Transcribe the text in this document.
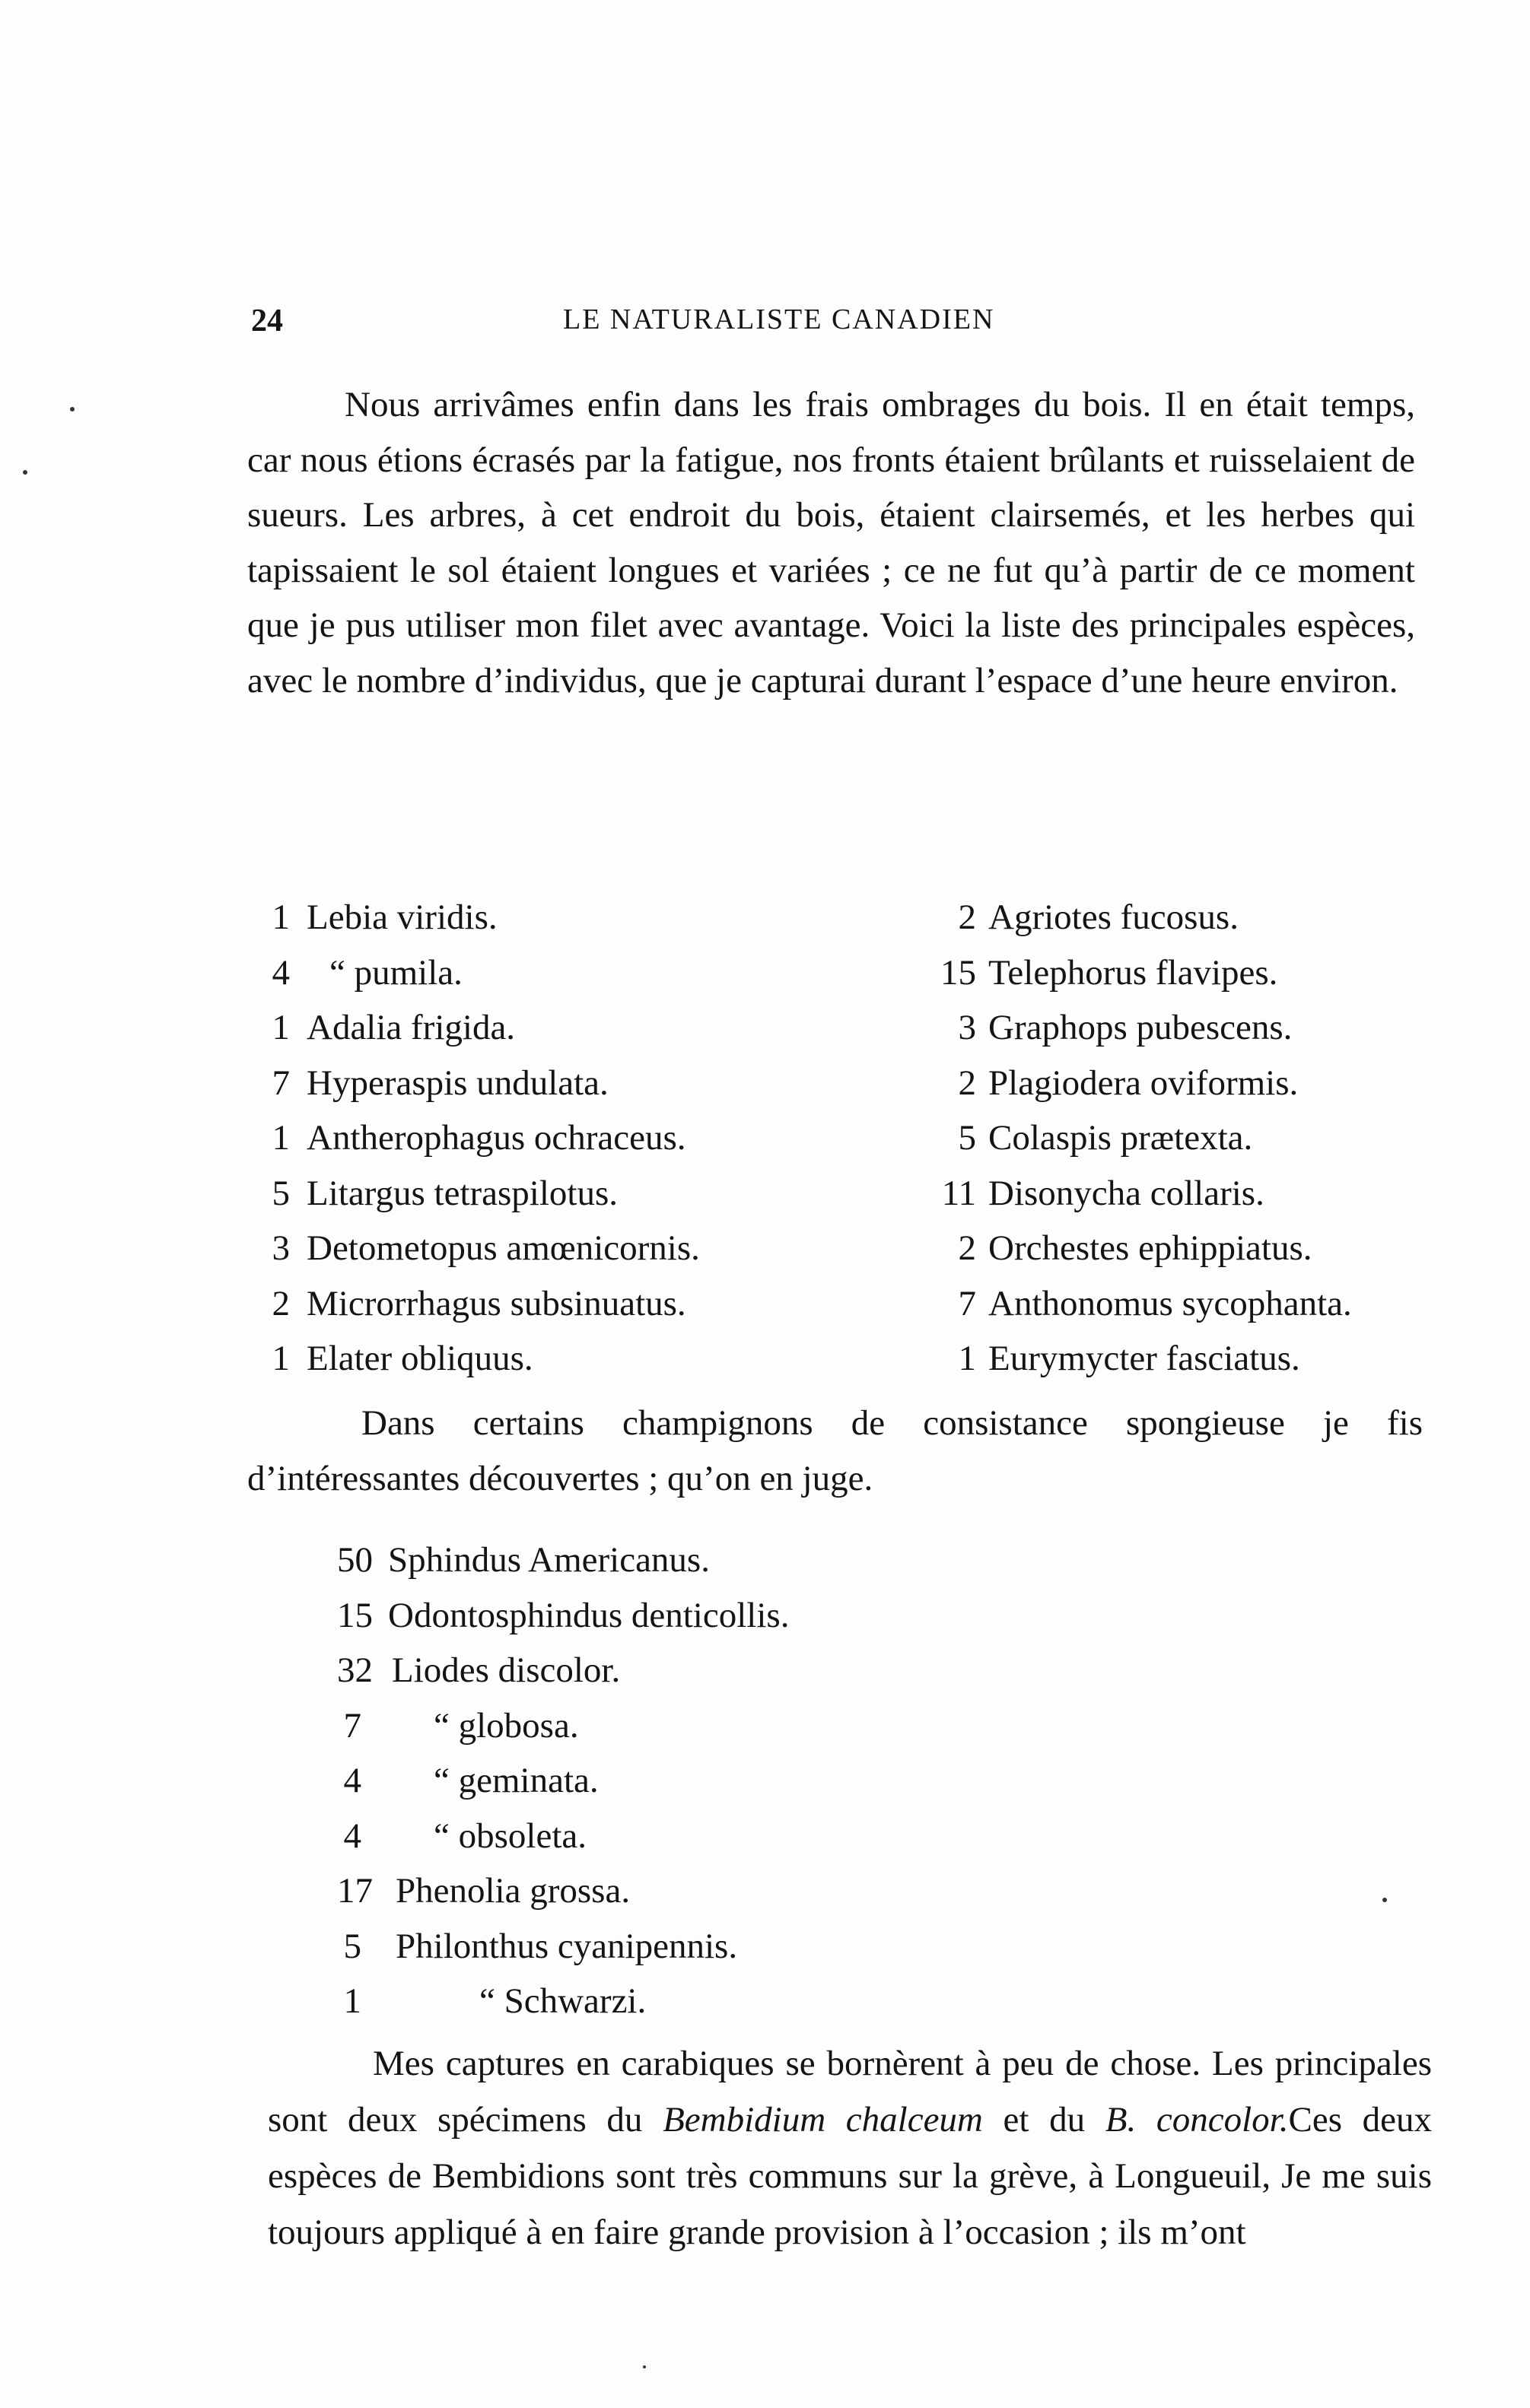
24	LE NATURALISTE CANADIEN

Nous arrivâmes enfin dans les frais ombrages du bois. Il en était temps, car nous étions écrasés par la fatigue, nos fronts étaient brûlants et ruisselaient de sueurs. Les arbres, à cet endroit du bois, étaient clairsemés, et les herbes qui tapissaient le sol étaient longues et variées ; ce ne fut qu’à partir de ce moment que je pus utiliser mon filet avec avantage. Voici la liste des principales espèces, avec le nombre d’individus, que je capturai durant l’espace d’une heure environ.

1	Lebia viridis.	2	Agriotes fucosus.
4	“ pumila.	15	Telephorus flavipes.
1	Adalia frigida.	3	Graphops pubescens.
7	Hyperaspis undulata.	2	Plagiodera oviformis.
1	Antherophagus ochraceus.	5	Colaspis prætexta.
5	Litargus tetraspilotus.	11	Disonycha collaris.
3	Detometopus amœnicornis.	2	Orchestes ephippiatus.
2	Microrrhagus subsinuatus.	7	Anthonomus sycophanta.
1	Elater obliquus.	1	Eurymycter fasciatus.

Dans certains champignons de consistance spongieuse je fis d’intéressantes découvertes ; qu’on en juge.

50 Sphindus Americanus.
15 Odontosphindus denticollis.
32 Liodes discolor.
7 “ globosa.
4 “ geminata.
4 “ obsoleta.
17 Phenolia grossa.
5 Philonthus cyanipennis.
1	“ Schwarzi.

Mes captures en carabiques se bornèrent à peu de chose. Les principales sont deux spécimens du Bembidium chalceum et du B. concolor.Ces deux espèces de Bembidions sont très communs sur la grève, à Longueuil, Je me suis toujours appliqué à en faire grande provision à l’occasion ; ils m’ont
